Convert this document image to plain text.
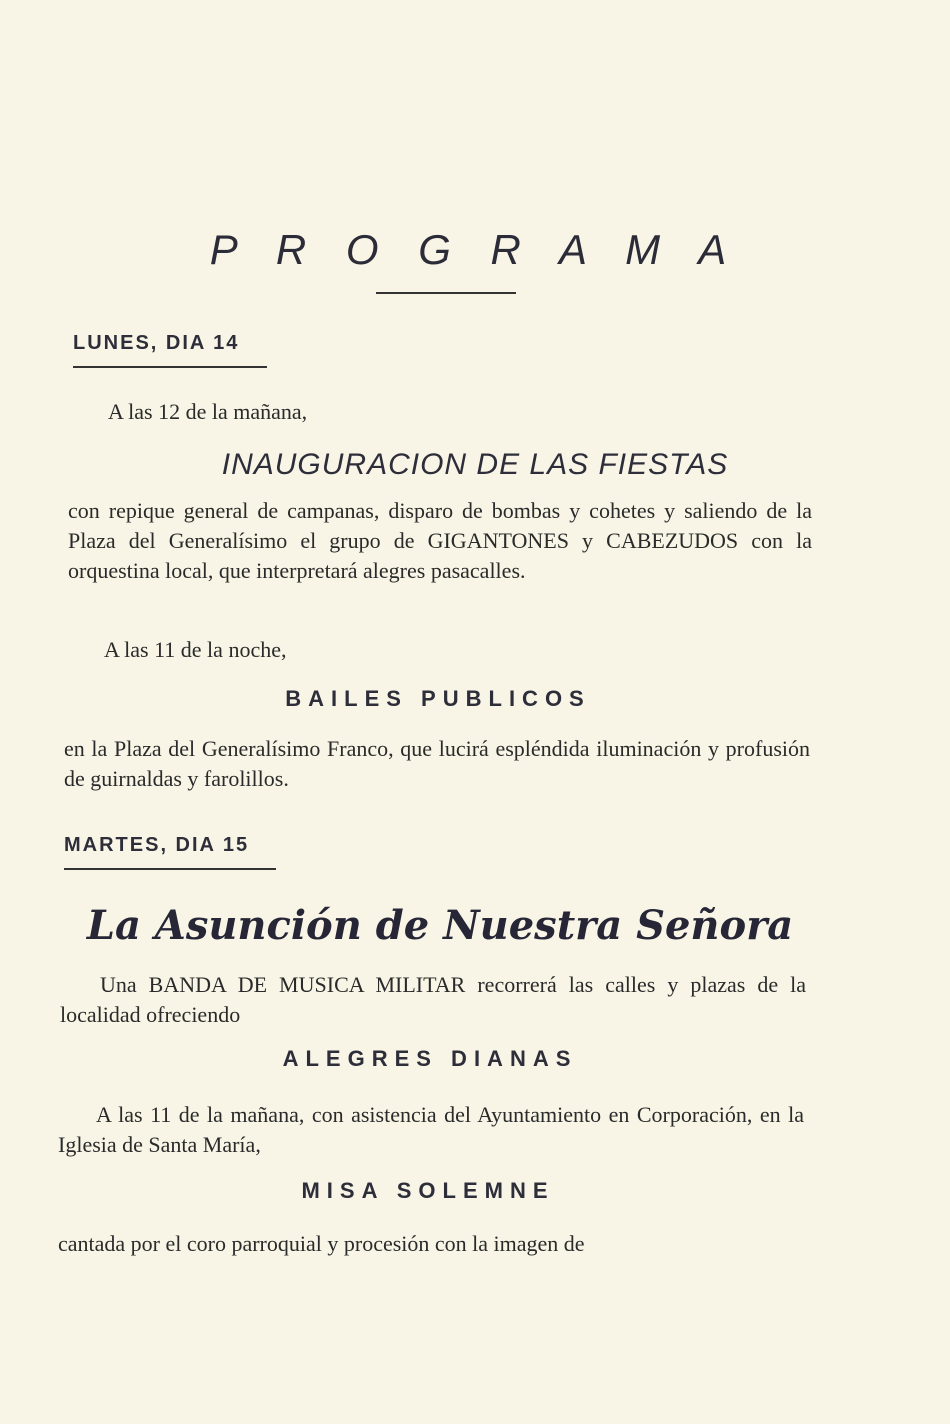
P R O G R A M A
LUNES, DIA 14
A las 12 de la mañana,
INAUGURACION DE LAS FIESTAS
con repique general de campanas, disparo de bombas y cohetes y saliendo de la Plaza del Generalísimo el grupo de GIGANTONES y CABEZUDOS con la orquestina local, que interpretará alegres pasacalles.
A las 11 de la noche,
BAILES PUBLICOS
en la Plaza del Generalísimo Franco, que lucirá espléndida iluminación y profusión de guirnaldas y farolillos.
MARTES, DIA 15
La Asunción de Nuestra Señora
Una BANDA DE MUSICA MILITAR recorrerá las calles y plazas de la localidad ofreciendo
ALEGRES DIANAS
A las 11 de la mañana, con asistencia del Ayuntamiento en Corporación, en la Iglesia de Santa María,
MISA SOLEMNE
cantada por el coro parroquial y procesión con la imagen de
